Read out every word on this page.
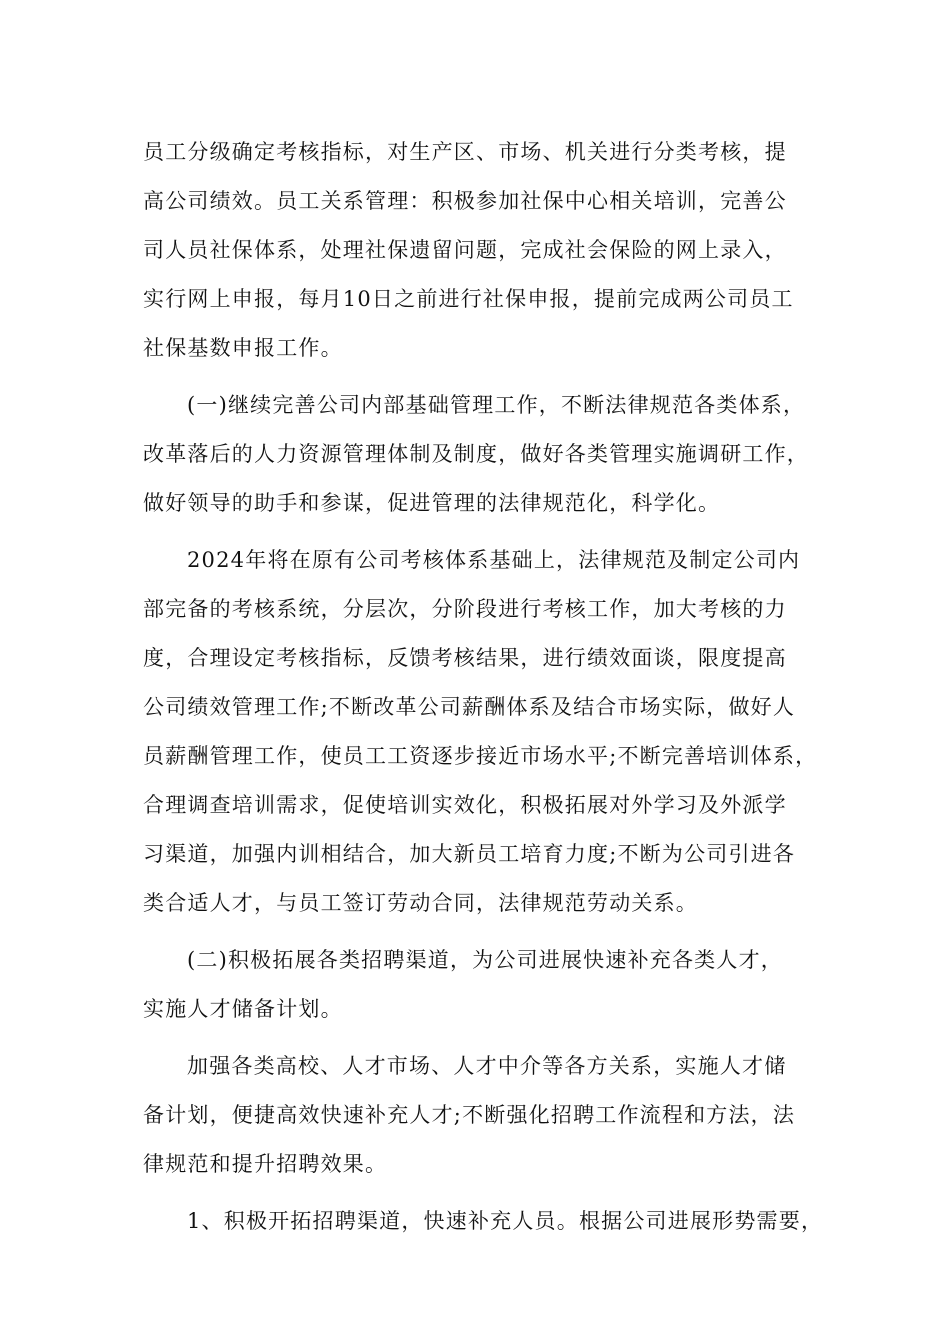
员工分级确定考核指标，对生产区、市场、机关进行分类考核，提
高公司绩效。员工关系管理：积极参加社保中心相关培训，完善公
司人员社保体系，处理社保遗留问题，完成社会保险的网上录入，
实行网上申报，每月10日之前进行社保申报，提前完成两公司员工
社保基数申报工作。

(一)继续完善公司内部基础管理工作，不断法律规范各类体系，
改革落后的人力资源管理体制及制度，做好各类管理实施调研工作，
做好领导的助手和参谋，促进管理的法律规范化，科学化。

2024年将在原有公司考核体系基础上，法律规范及制定公司内
部完备的考核系统，分层次，分阶段进行考核工作，加大考核的力
度，合理设定考核指标，反馈考核结果，进行绩效面谈，限度提高
公司绩效管理工作;不断改革公司薪酬体系及结合市场实际，做好人
员薪酬管理工作，使员工工资逐步接近市场水平;不断完善培训体系，
合理调查培训需求，促使培训实效化，积极拓展对外学习及外派学
习渠道，加强内训相结合，加大新员工培育力度;不断为公司引进各
类合适人才，与员工签订劳动合同，法律规范劳动关系。

(二)积极拓展各类招聘渠道，为公司进展快速补充各类人才，
实施人才储备计划。

加强各类高校、人才市场、人才中介等各方关系，实施人才储
备计划，便捷高效快速补充人才;不断强化招聘工作流程和方法，法
律规范和提升招聘效果。

1、积极开拓招聘渠道，快速补充人员。根据公司进展形势需要，
